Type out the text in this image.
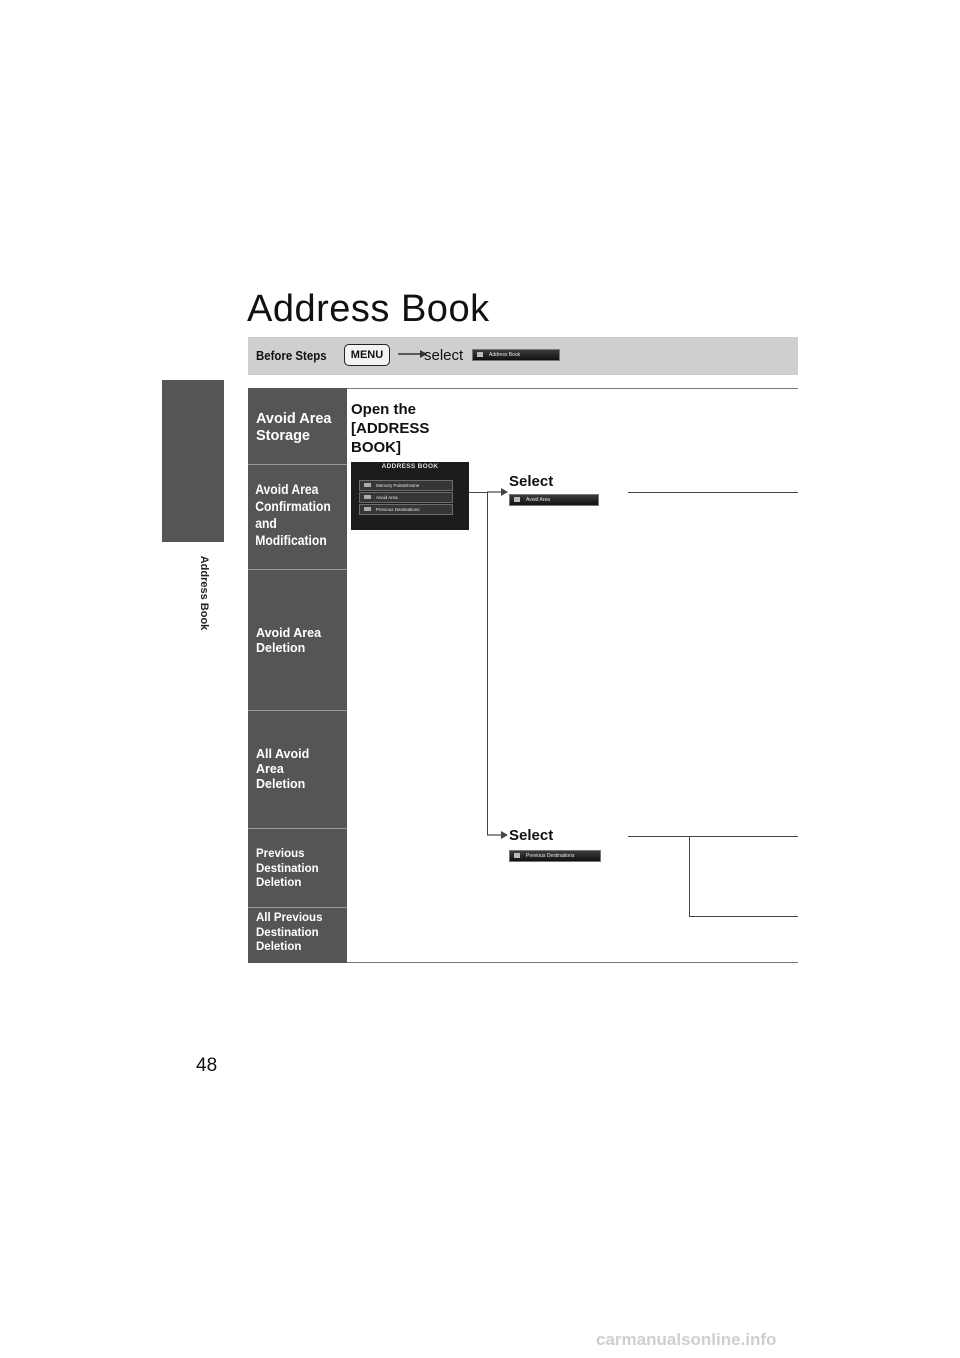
Address Book
Address Book
Before Steps	MENU	select	Address Book
Avoid Area Storage
Avoid Area Confirmation and Modification
Avoid Area Deletion
All Avoid Area Deletion
Previous Destination Deletion
All Previous Destination Deletion
Open the [ADDRESS BOOK]
ADDRESS BOOK
Memory Points/Home
Avoid Area
Previous Destinations
Select
Avoid Area
Select
Previous Destinations
48
carmanualsonline.info
